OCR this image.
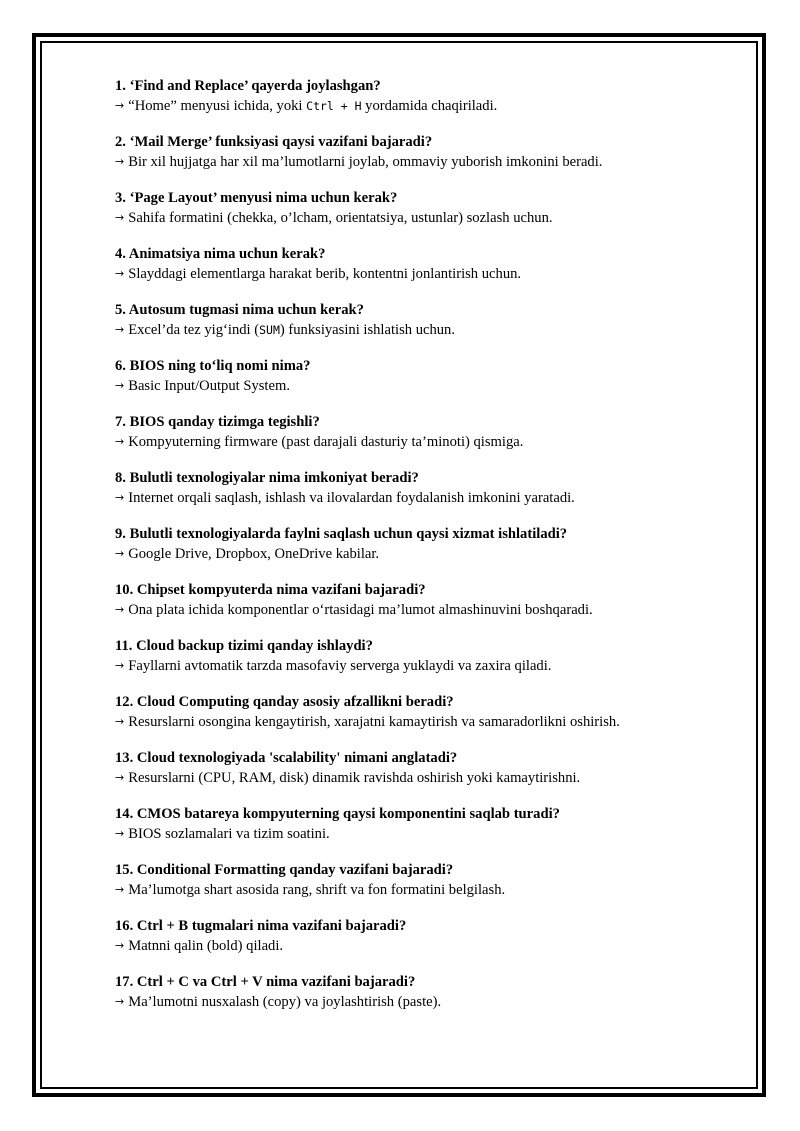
1. ‘Find and Replace’ qayerda joylashgan?
→ “Home” menyusi ichida, yoki Ctrl + H yordamida chaqiriladi.
2. ‘Mail Merge’ funksiyasi qaysi vazifani bajaradi?
→ Bir xil hujjatga har xil ma’lumotlarni joylab, ommaviy yuborish imkonini beradi.
3. ‘Page Layout’ menyusi nima uchun kerak?
→ Sahifa formatini (chekka, o’lcham, orientatsiya, ustunlar) sozlash uchun.
4. Animatsiya nima uchun kerak?
→ Slayddagi elementlarga harakat berib, kontentni jonlantirish uchun.
5. Autosum tugmasi nima uchun kerak?
→ Excel’da tez yig‘indi (SUM) funksiyasini ishlatish uchun.
6. BIOS ning to‘liq nomi nima?
→ Basic Input/Output System.
7. BIOS qanday tizimga tegishli?
→ Kompyuterning firmware (past darajali dasturiy ta’minoti) qismiga.
8. Bulutli texnologiyalar nima imkoniyat beradi?
→ Internet orqali saqlash, ishlash va ilovalardan foydalanish imkonini yaratadi.
9. Bulutli texnologiyalarda faylni saqlash uchun qaysi xizmat ishlatiladi?
→ Google Drive, Dropbox, OneDrive kabilar.
10. Chipset kompyuterda nima vazifani bajaradi?
→ Ona plata ichida komponentlar o‘rtasidagi ma’lumot almashinuvini boshqaradi.
11. Cloud backup tizimi qanday ishlaydi?
→ Fayllarni avtomatik tarzda masofaviy serverga yuklaydi va zaxira qiladi.
12. Cloud Computing qanday asosiy afzallikni beradi?
→ Resurslarni osongina kengaytirish, xarajatni kamaytirish va samaradorlikni oshirish.
13. Cloud texnologiyada 'scalability' nimani anglatadi?
→ Resurslarni (CPU, RAM, disk) dinamik ravishda oshirish yoki kamaytirishni.
14. CMOS batareya kompyuterning qaysi komponentini saqlab turadi?
→ BIOS sozlamalari va tizim soatini.
15. Conditional Formatting qanday vazifani bajaradi?
→ Ma’lumotga shart asosida rang, shrift va fon formatini belgilash.
16. Ctrl + B tugmalari nima vazifani bajaradi?
→ Matnni qalin (bold) qiladi.
17. Ctrl + C va Ctrl + V nima vazifani bajaradi?
→ Ma’lumotni nusxalash (copy) va joylashtirish (paste).
